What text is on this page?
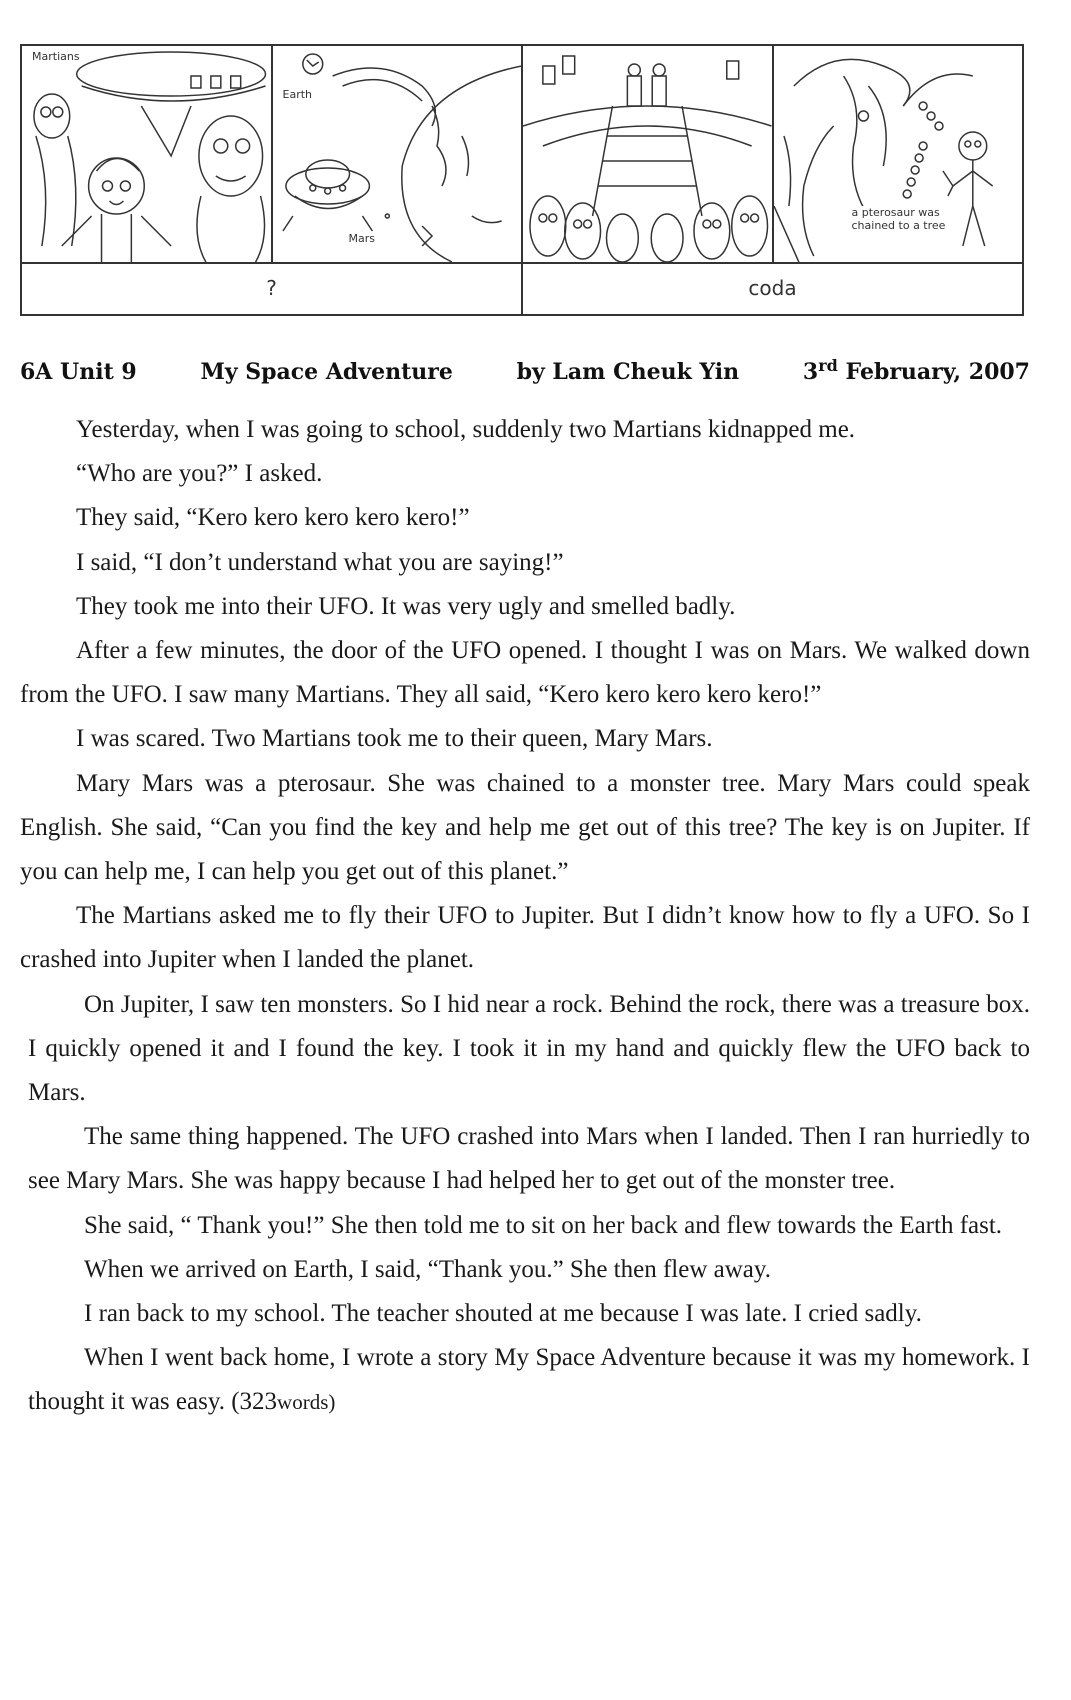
Martians
Earth
Mars
a pterosaur was chained to a tree
?	coda
6A Unit 9	My Space Adventure	by Lam Cheuk Yin	3rd February, 2007

Yesterday, when I was going to school, suddenly two Martians kidnapped me.

“Who are you?” I asked.

They said, “Kero kero kero kero kero!”

I said, “I don’t understand what you are saying!”

They took me into their UFO. It was very ugly and smelled badly.

After a few minutes, the door of the UFO opened. I thought I was on Mars. We walked down from the UFO. I saw many Martians. They all said, “Kero kero kero kero kero!”

I was scared. Two Martians took me to their queen, Mary Mars.

Mary Mars was a pterosaur. She was chained to a monster tree. Mary Mars could speak English. She said, “Can you find the key and help me get out of this tree? The key is on Jupiter. If you can help me, I can help you get out of this planet.”

The Martians asked me to fly their UFO to Jupiter. But I didn’t know how to fly a UFO. So I crashed into Jupiter when I landed the planet.

On Jupiter, I saw ten monsters. So I hid near a rock. Behind the rock, there was a treasure box. I quickly opened it and I found the key. I took it in my hand and quickly flew the UFO back to Mars.

The same thing happened. The UFO crashed into Mars when I landed. Then I ran hurriedly to see Mary Mars. She was happy because I had helped her to get out of the monster tree.

She said, “ Thank you!” She then told me to sit on her back and flew towards the Earth fast.

When we arrived on Earth, I said, “Thank you.” She then flew away.

I ran back to my school. The teacher shouted at me because I was late. I cried sadly.

When I went back home, I wrote a story My Space Adventure because it was my homework. I thought it was easy. (323words)
